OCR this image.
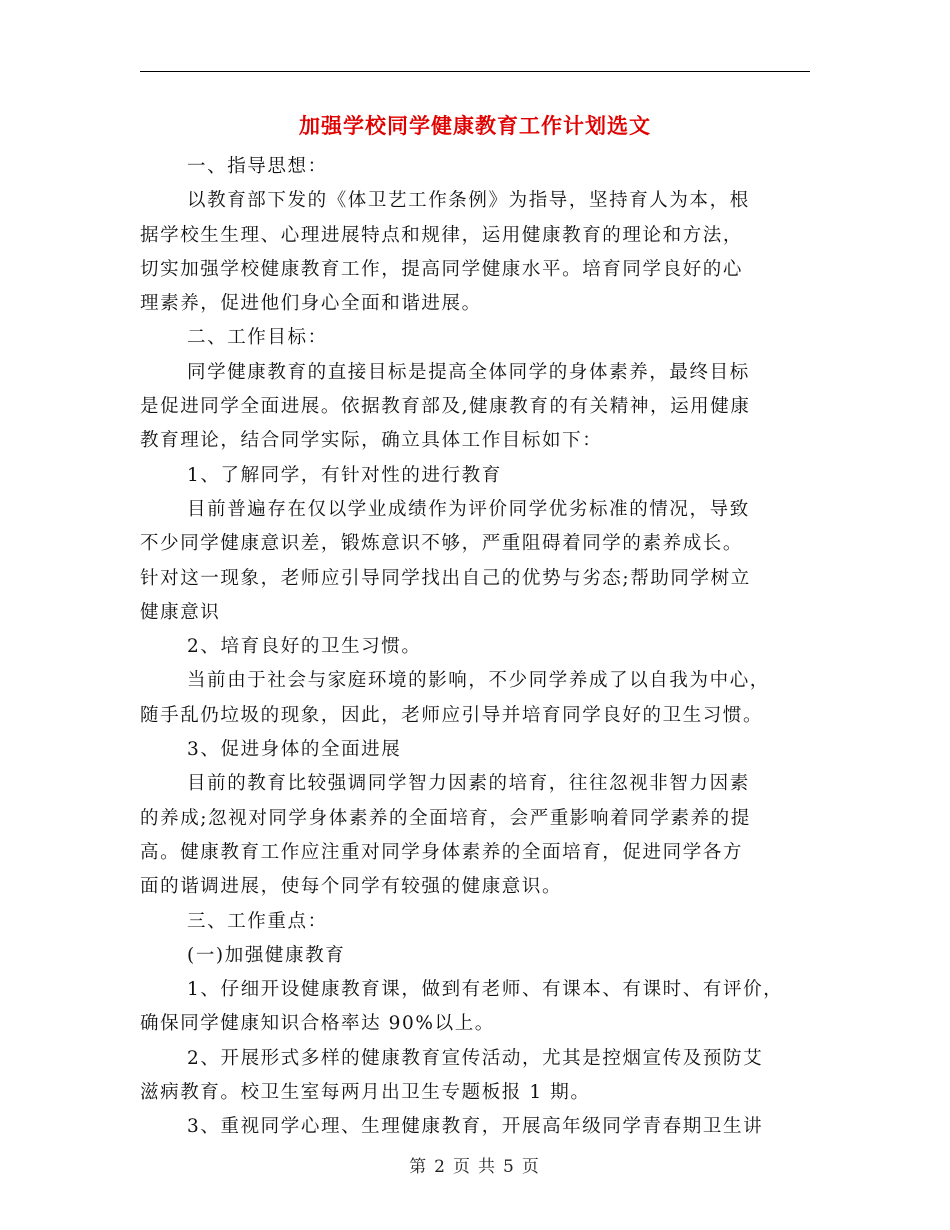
加强学校同学健康教育工作计划选文
一、指导思想：
以教育部下发的《体卫艺工作条例》为指导，坚持育人为本，根
据学校生生理、心理进展特点和规律，运用健康教育的理论和方法，
切实加强学校健康教育工作，提高同学健康水平。培育同学良好的心
理素养，促进他们身心全面和谐进展。
二、工作目标：
同学健康教育的直接目标是提高全体同学的身体素养，最终目标
是促进同学全面进展。依据教育部及,健康教育的有关精神，运用健康
教育理论，结合同学实际，确立具体工作目标如下：
1、了解同学，有针对性的进行教育
目前普遍存在仅以学业成绩作为评价同学优劣标准的情况，导致
不少同学健康意识差，锻炼意识不够，严重阻碍着同学的素养成长。
针对这一现象，老师应引导同学找出自己的优势与劣态;帮助同学树立
健康意识
2、培育良好的卫生习惯。
当前由于社会与家庭环境的影响，不少同学养成了以自我为中心，
随手乱仍垃圾的现象，因此，老师应引导并培育同学良好的卫生习惯。
3、促进身体的全面进展
目前的教育比较强调同学智力因素的培育，往往忽视非智力因素
的养成;忽视对同学身体素养的全面培育，会严重影响着同学素养的提
高。健康教育工作应注重对同学身体素养的全面培育，促进同学各方
面的谐调进展，使每个同学有较强的健康意识。
三、工作重点：
(一)加强健康教育
1、仔细开设健康教育课，做到有老师、有课本、有课时、有评价，
确保同学健康知识合格率达 90%以上。
2、开展形式多样的健康教育宣传活动，尤其是控烟宣传及预防艾
滋病教育。校卫生室每两月出卫生专题板报 1 期。
3、重视同学心理、生理健康教育，开展高年级同学青春期卫生讲
第 2 页 共 5 页
